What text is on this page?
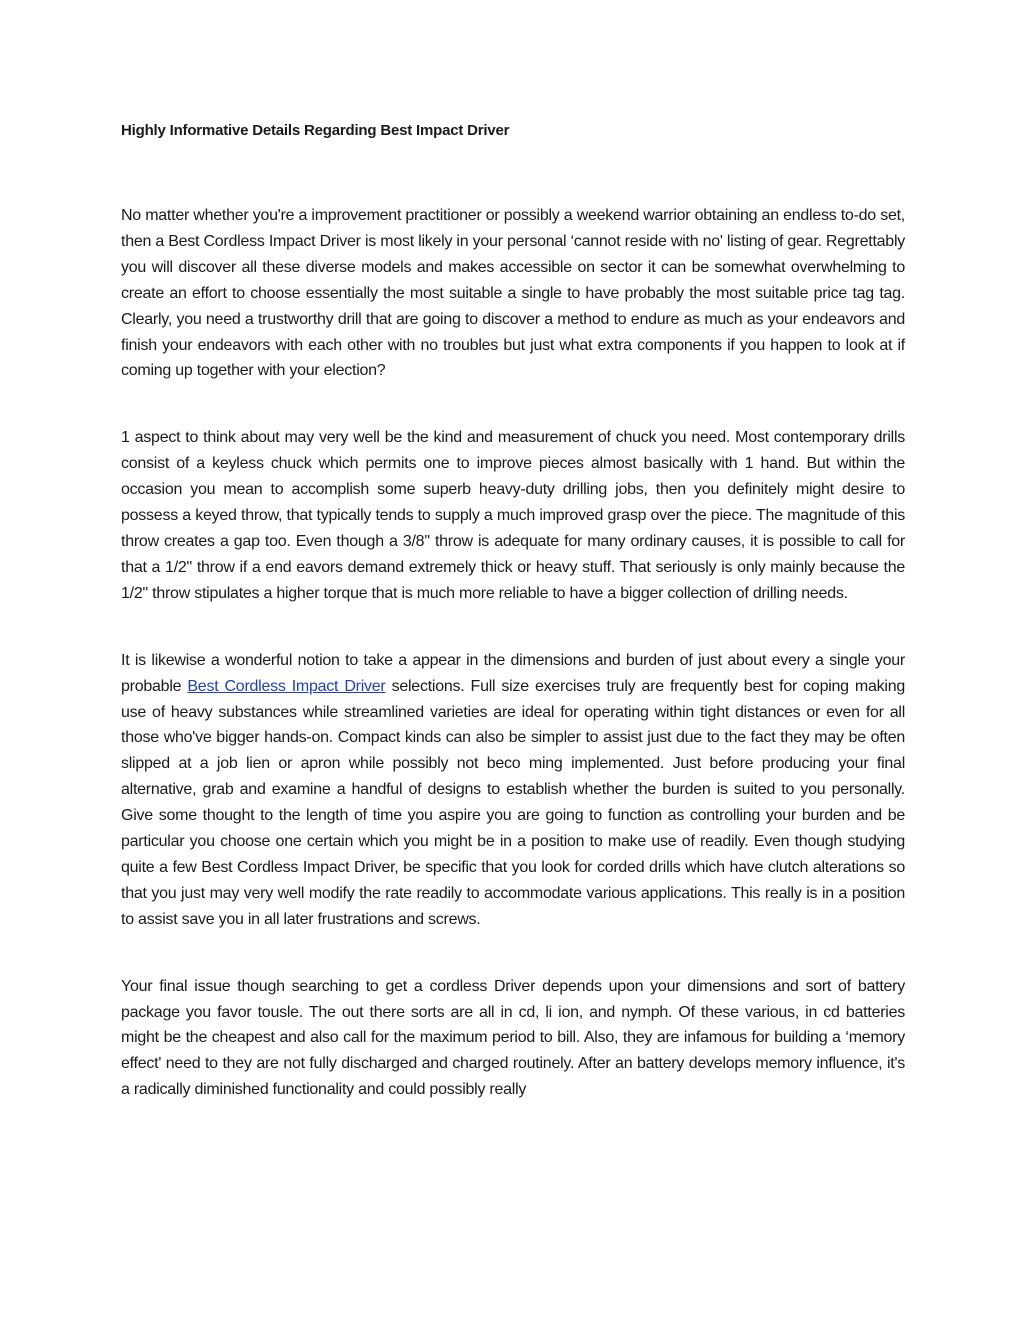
Highly Informative Details Regarding Best Impact Driver

No matter whether you're a improvement practitioner or possibly a weekend warrior obtaining an endless to-do set, then a Best Cordless Impact Driver is most likely in your personal ‘cannot reside with no' listing of gear. Regrettably you will discover all these diverse models and makes accessible on sector it can be somewhat overwhelming to create an effort to choose essentially the most suitable a single to have probably the most suitable price tag tag. Clearly, you need a trustworthy drill that are going to discover a method to endure as much as your endeavors and finish your endeavors with each other with no troubles but just what extra components if you happen to look at if coming up together with your election?

1 aspect to think about may very well be the kind and measurement of chuck you need. Most contemporary drills consist of a keyless chuck which permits one to improve pieces almost basically with 1 hand. But within the occasion you mean to accomplish some superb heavy-duty drilling jobs, then you definitely might desire to possess a keyed throw, that typically tends to supply a much improved grasp over the piece. The magnitude of this throw creates a gap too. Even though a 3/8" throw is adequate for many ordinary causes, it is possible to call for that a 1/2" throw if a end eavors demand extremely thick or heavy stuff. That seriously is only mainly because the 1/2" throw stipulates a higher torque that is much more reliable to have a bigger collection of drilling needs.

It is likewise a wonderful notion to take a appear in the dimensions and burden of just about every a single your probable Best Cordless Impact Driver selections. Full size exercises truly are frequently best for coping making use of heavy substances while streamlined varieties are ideal for operating within tight distances or even for all those who've bigger hands-on. Compact kinds can also be simpler to assist just due to the fact they may be often slipped at a job lien or apron while possibly not beco ming implemented. Just before producing your final alternative, grab and examine a handful of designs to establish whether the burden is suited to you personally. Give some thought to the length of time you aspire you are going to function as controlling your burden and be particular you choose one certain which you might be in a position to make use of readily. Even though studying quite a few Best Cordless Impact Driver, be specific that you look for corded drills which have clutch alterations so that you just may very well modify the rate readily to accommodate various applications. This really is in a position to assist save you in all later frustrations and screws.

Your final issue though searching to get a cordless Driver depends upon your dimensions and sort of battery package you favor tousle. The out there sorts are all in cd, li ion, and nymph. Of these various, in cd batteries might be the cheapest and also call for the maximum period to bill. Also, they are infamous for building a ‘memory effect' need to they are not fully discharged and charged routinely. After an battery develops memory influence, it's a radically diminished functionality and could possibly really
